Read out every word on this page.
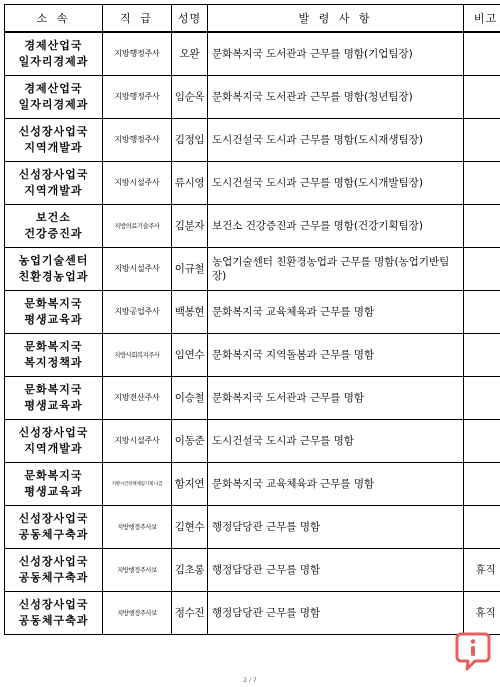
소 속	직 급	성명	발 령 사 항	비고

경제산업국
일자리경제과	지방행정주사	오완	문화복지국 도서관과 근무를 명함(기업팀장)	

경제산업국
일자리경제과	지방행정주사	임순옥	문화복지국 도서관과 근무를 명함(청년팀장)	

신성장사업국
지역개발과	지방행정주사	김정임	도시건설국 도시과 근무를 명함(도시재생팀장)	

신성장사업국
지역개발과	지방시설주사	류시영	도시건설국 도시과 근무를 명함(도시개발팀장)	

보건소
건강증진과	지방의료기술주사	김분자	보건소 건강증진과 근무를 명함(건강기획팀장)	

농업기술센터
친환경농업과	지방시설주사	이규철	농업기술센터 친환경농업과 근무를 명함(농업기반팀장)	

문화복지국
평생교육과	지방공업주사	백봉현	문화복지국 교육체육과 근무를 명함	

문화복지국
복지정책과	지방사회복지주사	임연수	문화복지국 지역돌봄과 근무를 명함	

문화복지국
평생교육과	지방전산주사	이승철	문화복지국 도서관과 근무를 명함	

신성장사업국
지역개발과	지방시설주사	이동준	도시건설국 도시과 근무를 명함	

문화복지국
평생교육과	지방시간선택제임기제 나급	함지연	문화복지국 교육체육과 근무를 명함	

신성장사업국
공동체구축과	지방행정주사보	김현수	행정담당관 근무를 명함	

신성장사업국
공동체구축과	지방행정주사보	김초롱	행정담당관 근무를 명함	휴직

신성장사업국
공동체구축과	지방행정주사보	정수진	행정담당관 근무를 명함	휴직
2 / 7
